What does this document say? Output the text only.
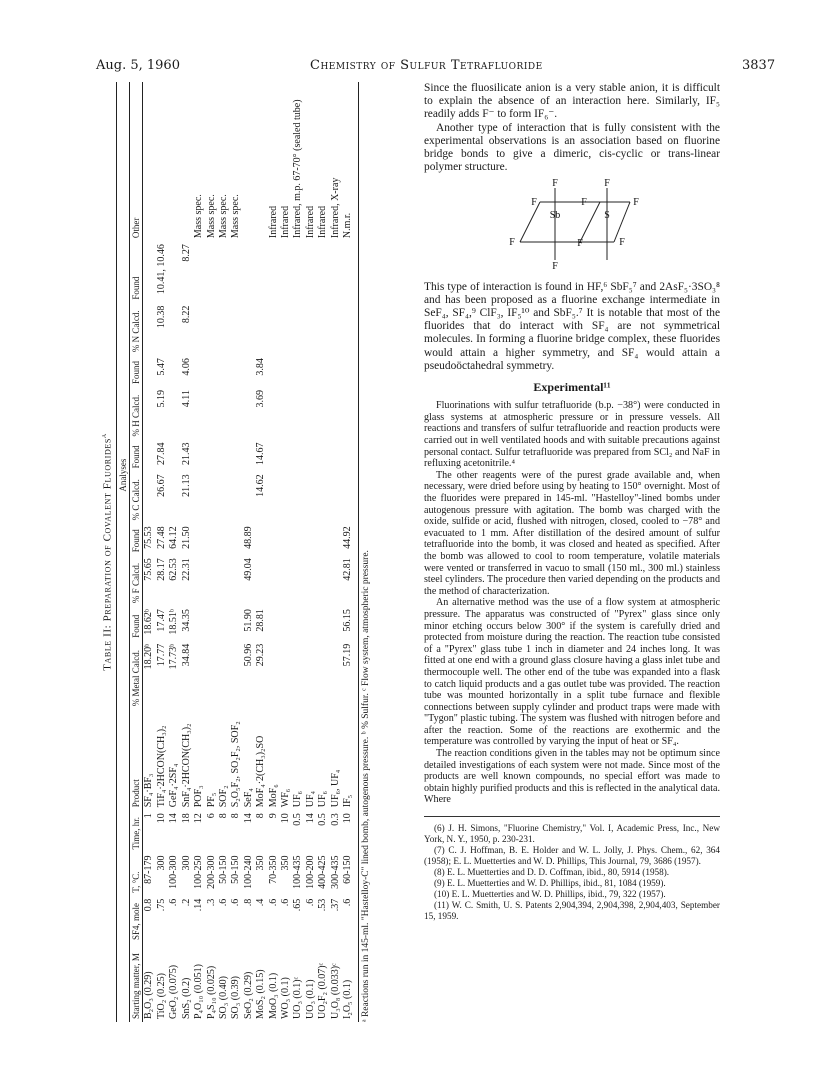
Aug. 5, 1960	Chemistry of Sulfur Tetrafluoride	3837
Table II: Preparation of Covalent Fluorides$^a$
					Analyses										
Starting matter, M	SF4, mole	T, °C.	Time, hr.	Product	% Metal Calcd.	Found	% F Calcd.	Found	% C Calcd.	Found	% H Calcd.	Found	% N Calcd.	Found	Other
B₂O₃ (0.29)	0.8	87-179	1	SF₄·BF₃	18.20ᵇ	18.62ᵇ	75.65	75.53							
TiO₂ (0.25)	.75	300	10	TiF₄·2HCON(CH₃)₂	17.77	17.47	28.17	27.48	26.67	27.84	5.19	5.47	10.38	10.41, 10.46	
GeO₂ (0.075)	.6	100-300	14	GeF₄·2SF₄	17.73ᵇ	18.51ᵇ	62.53	64.12							
SnS₂ (0.2)	.2	300	18	SnF₄·2HCON(CH₃)₂	34.84	34.35	22.31	21.50	21.13	21.43	4.11	4.06	8.22	8.27	
P₄O₁₀ (0.051)	.14	100-250	12	POF₃											Mass spec.
P₄S₁₀ (0.025)	.3	200-300	6	PF₅											Mass spec.
SO₃ (0.40)	.6	50-150	8	SOF₂											Mass spec.
SO₃ (0.39)	.6	50-150	8	S₂O₅F₂, SO₂F₂, SOF₂											Mass spec.
SeO₂ (0.29)	.8	100-240	14	SeF₄	50.96	51.90	49.04	48.89							
MoS₂ (0.15)	.4	350	8	MoF₄·2(CH₃)₂SO	29.23	28.81			14.62	14.67	3.69	3.84			
MoO₃ (0.1)	.6	70-350	9	MoF₆											Infrared
WO₃ (0.1)	.6	350	10	WF₆											Infrared
UO₃ (0.1)ᶜ	.65	100-435	0.5	UF₆											Infrared, m.p. 67-70° (sealed tube)
UO₃ (0.1)	.6	100-200	14	UF₄											Infrared
UO₂F₂ (0.07)ᶜ	.53	400-425	0.5	UF₆											Infrared
U₃O₈ (0.033)ᶜ	.37	300-435	0.3	UF₆, UF₄											Infrared, X-ray
I₂O₅ (0.1)	.6	60-150	10	IF₅	57.19	56.15	42.81	44.92							N.m.r.
ᵃ Reactions run in 145-ml. "Hastelloy-C" lined bomb, autogenous pressure. ᵇ % Sulfur. ᶜ Flow system, atmospheric pressure.

Since the fluosilicate anion is a very stable anion, it is difficult to explain the absence of an interaction here. Similarly, IF₅ readily adds F⁻ to form IF₆⁻.

Another type of interaction that is fully consistent with the experimental observations is an association based on fluorine bridge bonds to give a dimeric, cis-cyclic or trans-linear polymer structure.

F	F
F
Sb
F
S
F
F	F	F
F

This type of interaction is found in HF,⁶ SbF₅⁷ and 2AsF₅·3SO₃⁸ and has been proposed as a fluorine exchange intermediate in SeF₄, SF₄,⁹ ClF₃, IF₅¹⁰ and SbF₅.⁷ It is notable that most of the fluorides that do interact with SF₄ are not symmetrical molecules. In forming a fluorine bridge complex, these fluorides would attain a higher symmetry, and SF₄ would attain a pseudoöctahedral symmetry.

Experimental¹¹

Fluorinations with sulfur tetrafluoride (b.p. −38°) were conducted in glass systems at atmospheric pressure or in pressure vessels. All reactions and transfers of sulfur tetrafluoride and reaction products were carried out in well ventilated hoods and with suitable precautions against personal contact. Sulfur tetrafluoride was prepared from SCl₂ and NaF in refluxing acetonitrile.⁴

The other reagents were of the purest grade available and, when necessary, were dried before using by heating to 150° overnight. Most of the fluorides were prepared in 145-ml. "Hastelloy"-lined bombs under autogenous pressure with agitation. The bomb was charged with the oxide, sulfide or acid, flushed with nitrogen, closed, cooled to −78° and evacuated to 1 mm. After distillation of the desired amount of sulfur tetrafluoride into the bomb, it was closed and heated as specified. After the bomb was allowed to cool to room temperature, volatile materials were vented or transferred in vacuo to small (150 ml., 300 ml.) stainless steel cylinders. The procedure then varied depending on the products and the method of characterization.

An alternative method was the use of a flow system at atmospheric pressure. The apparatus was constructed of "Pyrex" glass since only minor etching occurs below 300° if the system is carefully dried and protected from moisture during the reaction. The reaction tube consisted of a "Pyrex" glass tube 1 inch in diameter and 24 inches long. It was fitted at one end with a ground glass closure having a glass inlet tube and thermocouple well. The other end of the tube was expanded into a flask to catch liquid products and a gas outlet tube was provided. The reaction tube was mounted horizontally in a split tube furnace and flexible connections between supply cylinder and product traps were made with "Tygon" plastic tubing. The system was flushed with nitrogen before and after the reaction. Some of the reactions are exothermic and the temperature was controlled by varying the input of heat or SF₄.

The reaction conditions given in the tables may not be optimum since detailed investigations of each system were not made. Since most of the products are well known compounds, no special effort was made to obtain highly purified products and this is reflected in the analytical data. Where

(6) J. H. Simons, "Fluorine Chemistry," Vol. I, Academic Press, Inc., New York, N. Y., 1950, p. 230-231.

(7) C. J. Hoffman, B. E. Holder and W. L. Jolly, J. Phys. Chem., 62, 364 (1958); E. L. Muetterties and W. D. Phillips, This Journal, 79, 3686 (1957).

(8) E. L. Muetterties and D. D. Coffman, ibid., 80, 5914 (1958).

(9) E. L. Muetterties and W. D. Phillips, ibid., 81, 1084 (1959).

(10) E. L. Muetterties and W. D. Phillips, ibid., 79, 322 (1957).

(11) W. C. Smith, U. S. Patents 2,904,394, 2,904,398, 2,904,403, September 15, 1959.
